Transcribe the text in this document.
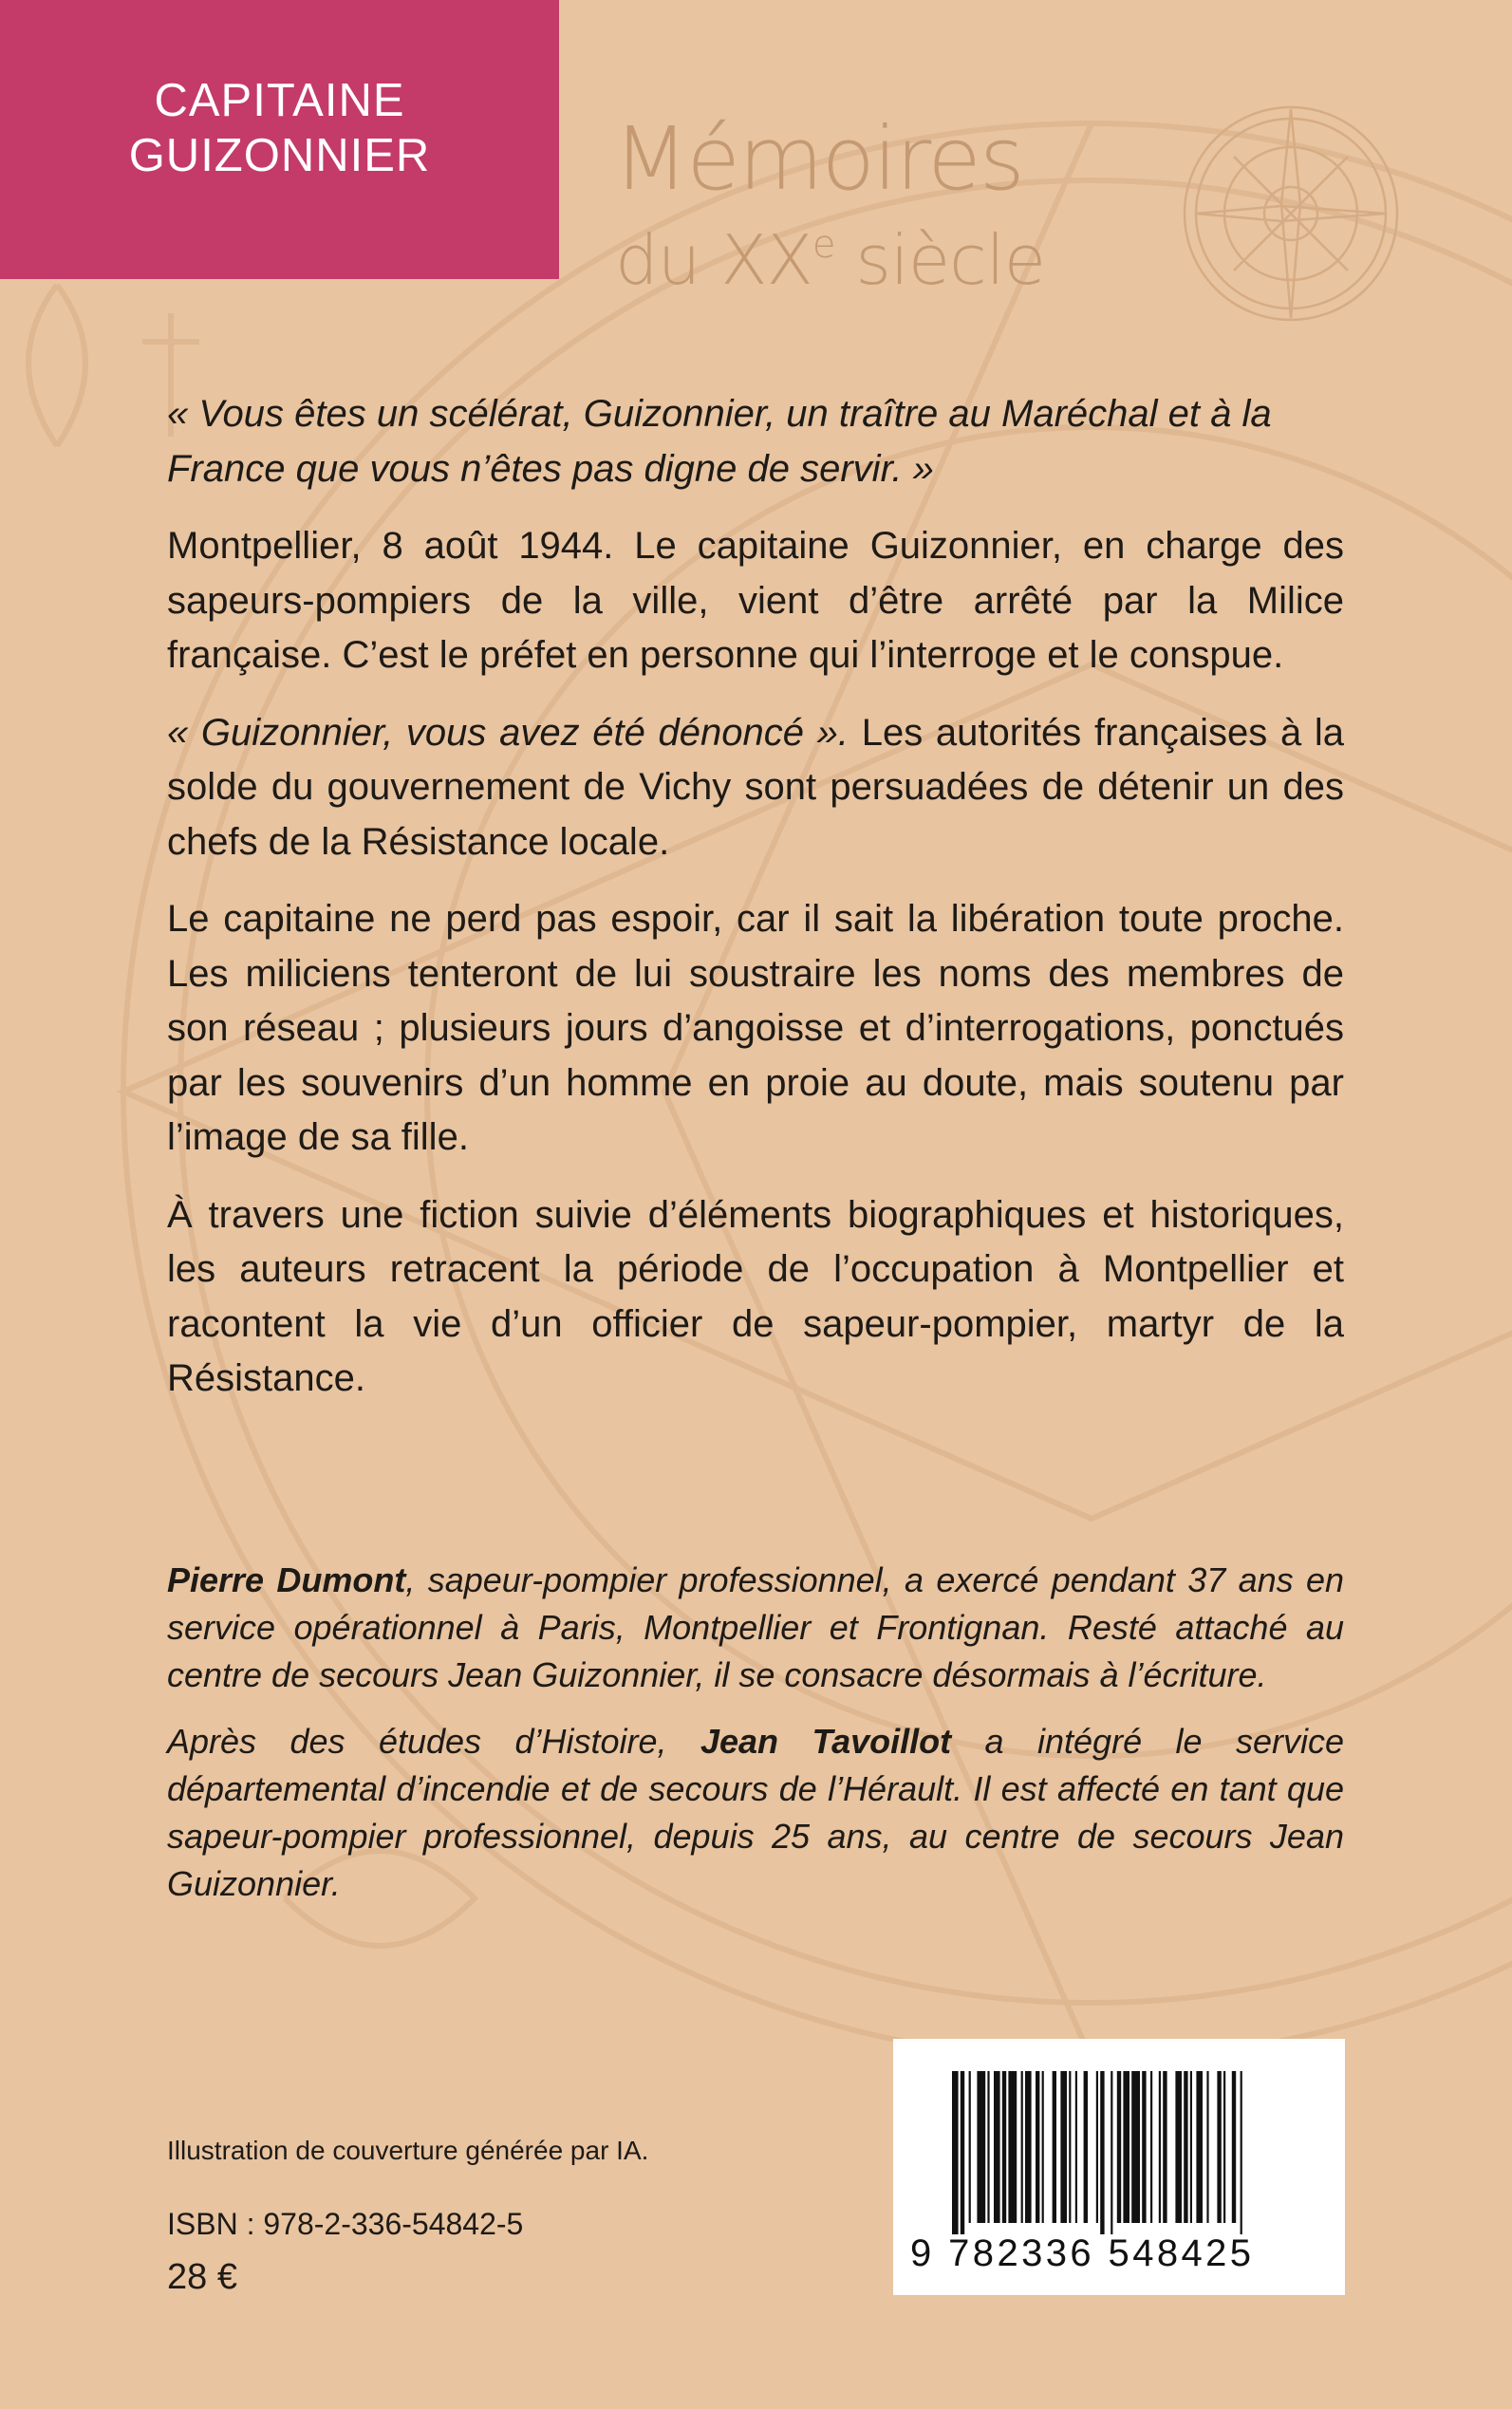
CAPITAINE
GUIZONNIER Mémoires
du XXe siècle

« Vous êtes un scélérat, Guizonnier, un traître au Maréchal et à la France que vous n’êtes pas digne de servir. »

Montpellier, 8 août 1944. Le capitaine Guizonnier, en charge des sapeurs-pompiers de la ville, vient d’être arrêté par la Milice française. C’est le préfet en personne qui l’interroge et le conspue.

« Guizonnier, vous avez été dénoncé ». Les autorités françaises à la solde du gouvernement de Vichy sont persuadées de détenir un des chefs de la Résistance locale.

Le capitaine ne perd pas espoir, car il sait la libération toute proche. Les miliciens tenteront de lui soustraire les noms des membres de son réseau ; plusieurs jours d’angoisse et d’interrogations, ponctués par les souvenirs d’un homme en proie au doute, mais soutenu par l’image de sa fille.

À travers une fiction suivie d’éléments biographiques et historiques, les auteurs retracent la période de l’occupation à Montpellier et racontent la vie d’un officier de sapeur-pompier, martyr de la Résistance.

Pierre Dumont, sapeur-pompier professionnel, a exercé pendant 37 ans en service opérationnel à Paris, Montpellier et Frontignan. Resté attaché au centre de secours Jean Guizonnier, il se consacre désormais à l’écriture.

Après des études d’Histoire, Jean Tavoillot a intégré le service départemental d’incendie et de secours de l’Hérault. Il est affecté en tant que sapeur-pompier professionnel, depuis 25 ans, au centre de secours Jean Guizonnier.

Illustration de couverture générée par IA.
ISBN : 978-2-336-54842-5
28 €
9 782336 548425
